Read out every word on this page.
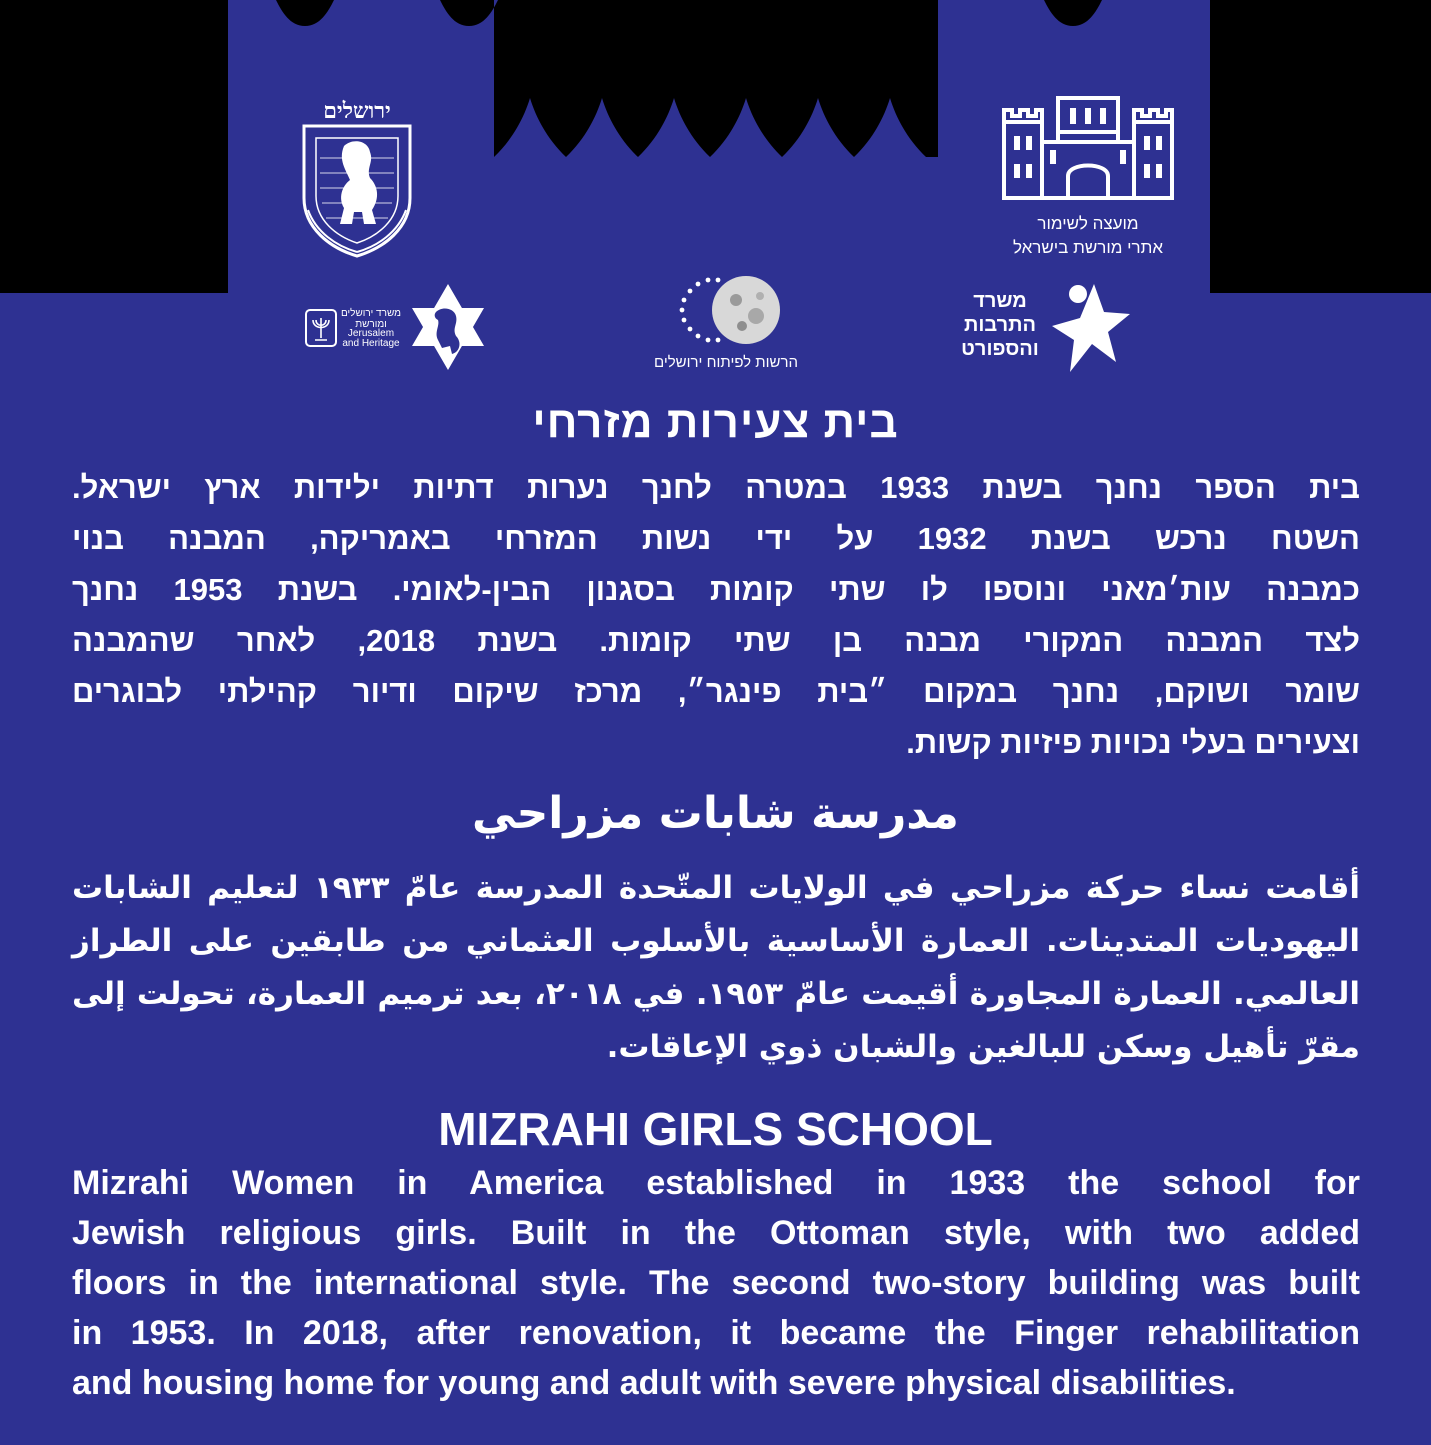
ירושלים
מועצה לשימור
אתרי מורשת בישראל
משרד ירושלים
ומורשת
Jerusalem
and Heritage
הרשות לפיתוח ירושלים
משרד
התרבות
והספורט
בית צעירות מזרחי
בית הספר נחנך בשנת 1933 במטרה לחנך נערות דתיות ילידות ארץ ישראל.
השטח נרכש בשנת 1932 על ידי נשות המזרחי באמריקה, המבנה בנוי
כמבנה עות׳מאני ונוספו לו שתי קומות בסגנון הבין-לאומי. בשנת 1953 נחנך
לצד המבנה המקורי מבנה בן שתי קומות. בשנת 2018, לאחר שהמבנה
שומר ושוקם, נחנך במקום ״בית פינגר״, מרכז שיקום ודיור קהילתי לבוגרים
וצעירים בעלי נכויות פיזיות קשות.
مدرسة شابات مزراحي
أقامت نساء حركة مزراحي في الولايات المتّحدة المدرسة عامّ ١٩٣٣ لتعليم الشابات
اليهوديات المتدينات. العمارة الأساسية بالأسلوب العثماني من طابقين على الطراز
العالمي. العمارة المجاورة أقيمت عامّ ١٩٥٣. في ٢٠١٨، بعد ترميم العمارة، تحولت إلى
مقرّ تأهيل وسكن للبالغين والشبان ذوي الإعاقات.
MIZRAHI GIRLS SCHOOL
Mizrahi Women in America established in 1933 the school for
Jewish religious girls. Built in the Ottoman style, with two added
floors in the international style. The second two-story building was built
in 1953. In 2018, after renovation, it became the Finger rehabilitation
and housing home for young and adult with severe physical disabilities.
